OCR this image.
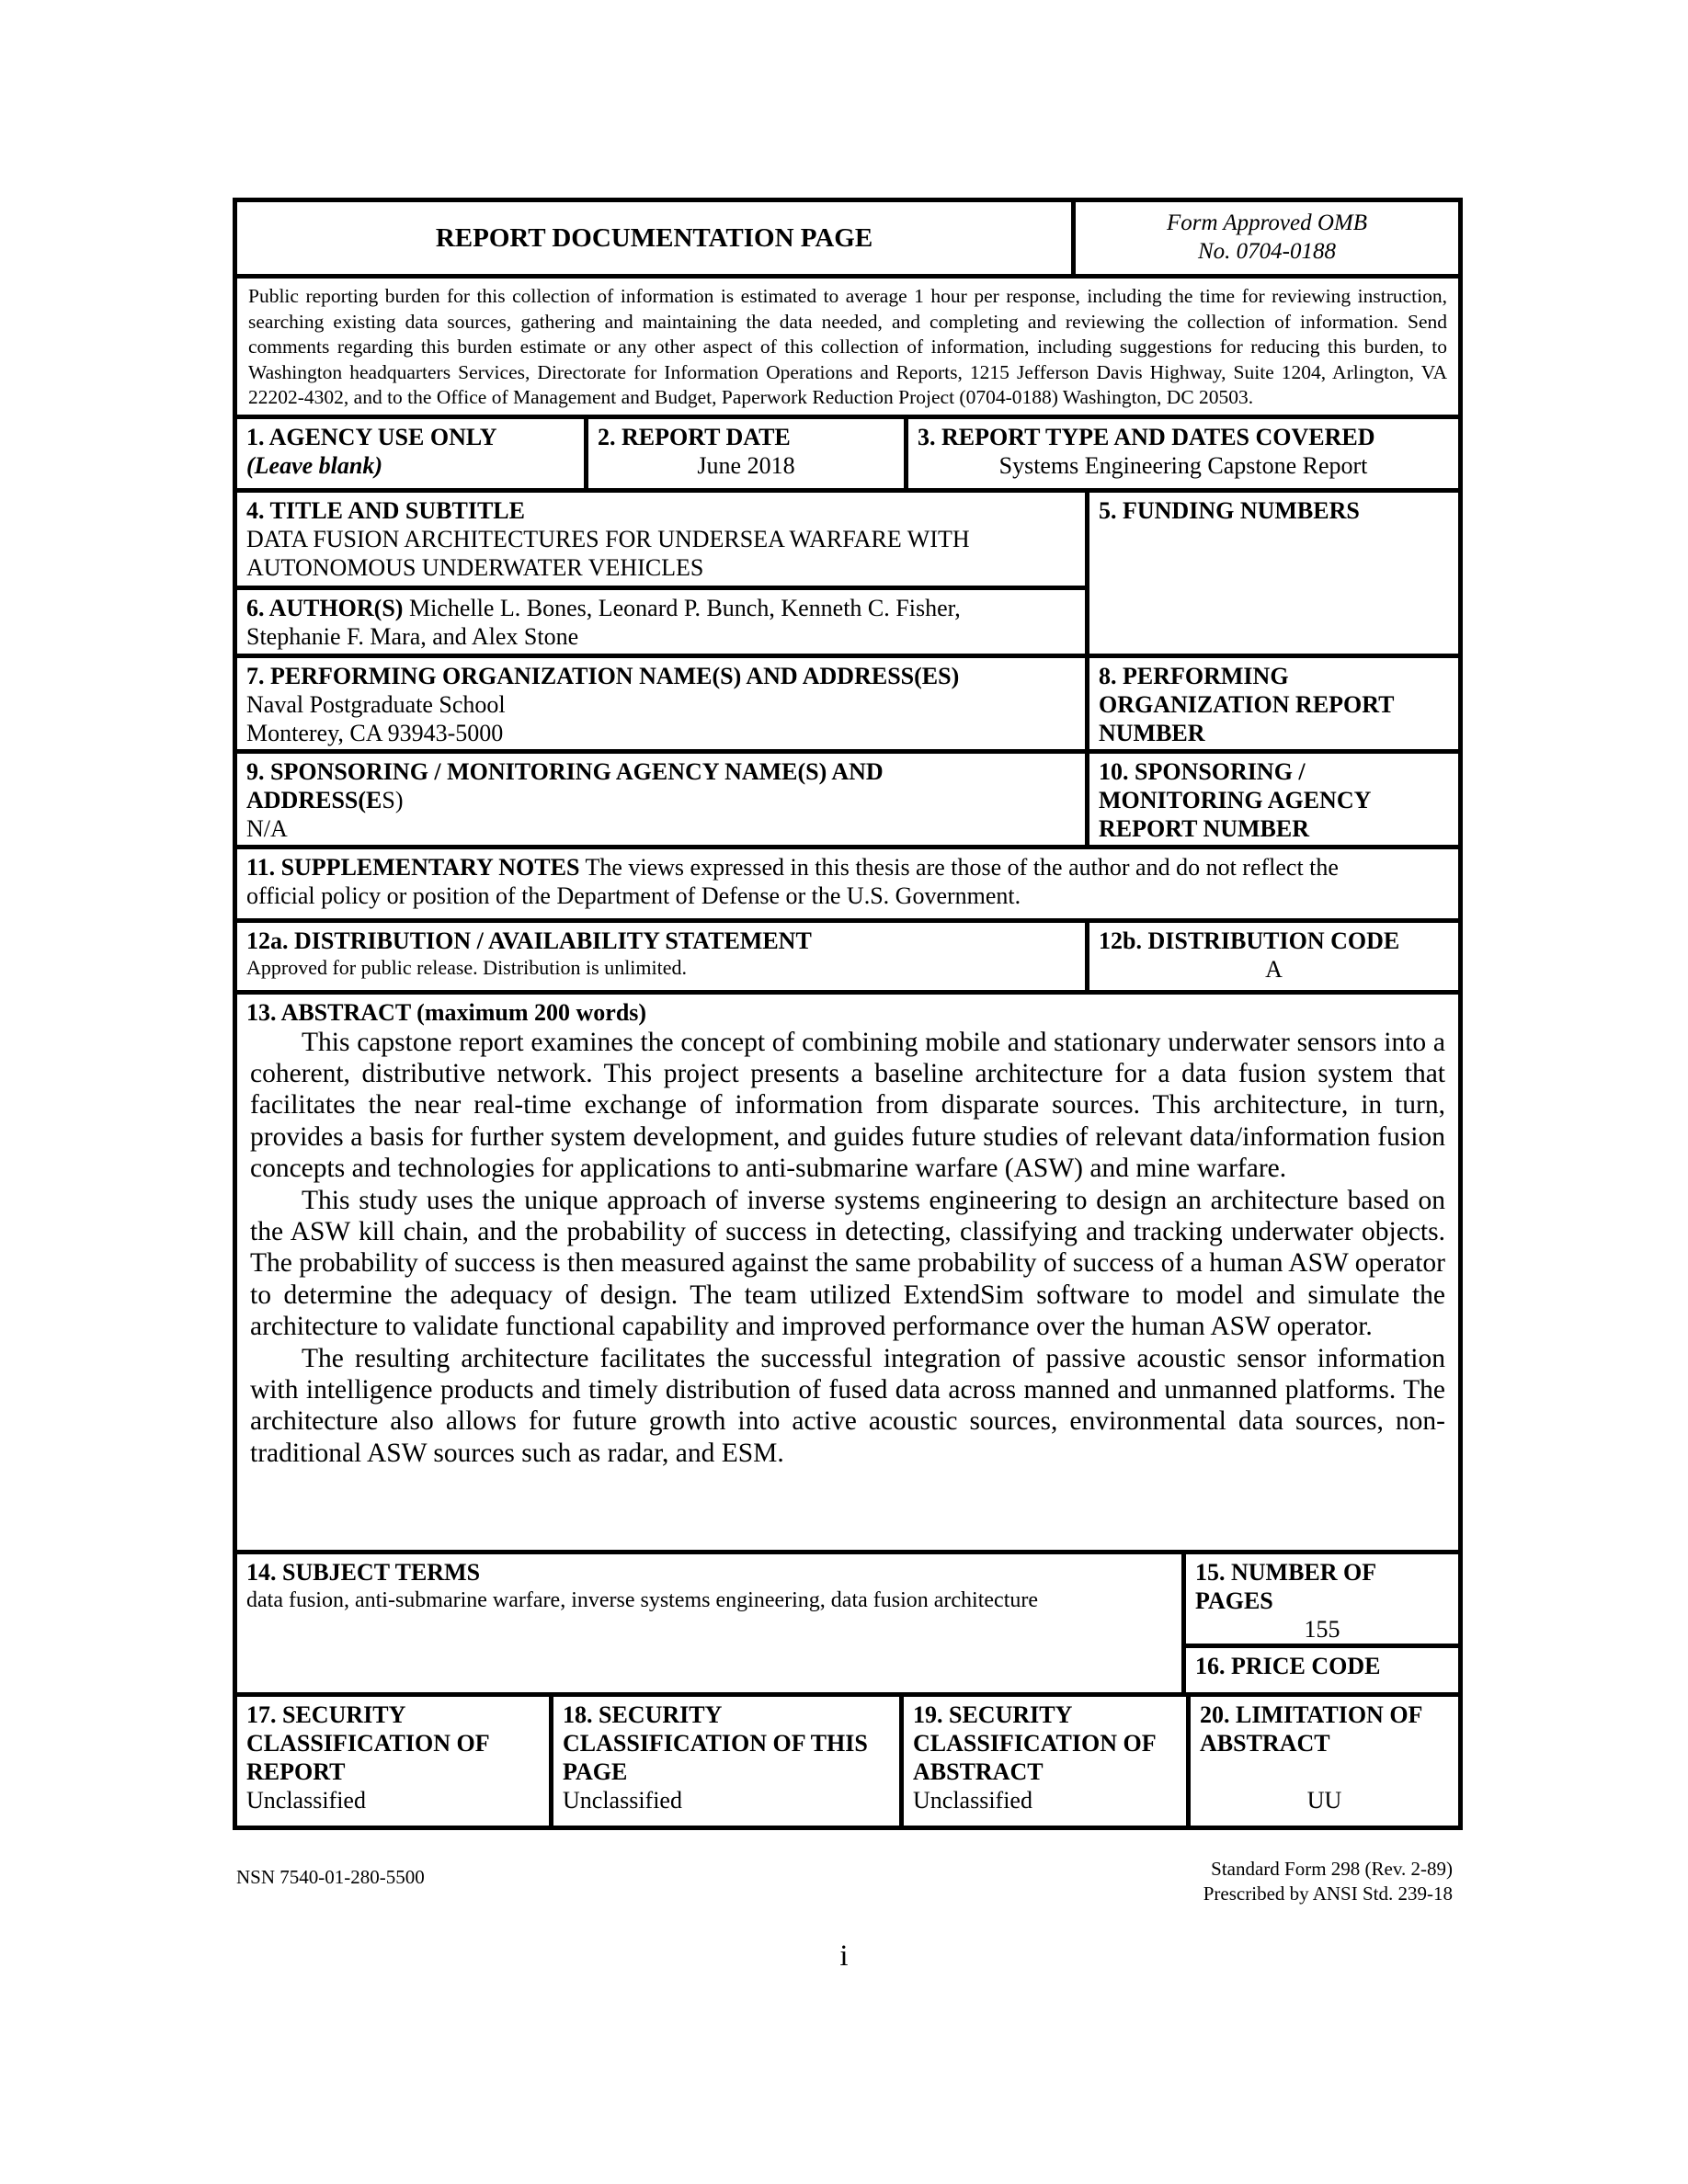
REPORT DOCUMENTATION PAGE	Form Approved OMB
No. 0704-0188
Public reporting burden for this collection of information is estimated to average 1 hour per response, including the time for reviewing instruction, searching existing data sources, gathering and maintaining the data needed, and completing and reviewing the collection of information. Send comments regarding this burden estimate or any other aspect of this collection of information, including suggestions for reducing this burden, to Washington headquarters Services, Directorate for Information Operations and Reports, 1215 Jefferson Davis Highway, Suite 1204, Arlington, VA 22202-4302, and to the Office of Management and Budget, Paperwork Reduction Project (0704-0188) Washington, DC 20503.
1. AGENCY USE ONLY
(Leave blank)
2. REPORT DATE
June 2018
3. REPORT TYPE AND DATES COVERED
Systems Engineering Capstone Report
4. TITLE AND SUBTITLE
DATA FUSION ARCHITECTURES FOR UNDERSEA WARFARE WITH
AUTONOMOUS UNDERWATER VEHICLES
6. AUTHOR(S) Michelle L. Bones, Leonard P. Bunch, Kenneth C. Fisher,
Stephanie F. Mara, and Alex Stone
5. FUNDING NUMBERS
7. PERFORMING ORGANIZATION NAME(S) AND ADDRESS(ES)
Naval Postgraduate School
Monterey, CA 93943-5000
8. PERFORMING
ORGANIZATION REPORT
NUMBER
9. SPONSORING / MONITORING AGENCY NAME(S) AND
ADDRESS(ES)
N/A
10. SPONSORING /
MONITORING AGENCY
REPORT NUMBER
11. SUPPLEMENTARY NOTES The views expressed in this thesis are those of the author and do not reflect the
official policy or position of the Department of Defense or the U.S. Government.
12a. DISTRIBUTION / AVAILABILITY STATEMENT
Approved for public release. Distribution is unlimited.
12b. DISTRIBUTION CODE
A
13. ABSTRACT (maximum 200 words)

This capstone report examines the concept of combining mobile and stationary underwater sensors into a coherent, distributive network. This project presents a baseline architecture for a data fusion system that facilitates the near real-time exchange of information from disparate sources. This architecture, in turn, provides a basis for further system development, and guides future studies of relevant data/information fusion concepts and technologies for applications to anti-submarine warfare (ASW) and mine warfare.

This study uses the unique approach of inverse systems engineering to design an architecture based on the ASW kill chain, and the probability of success in detecting, classifying and tracking underwater objects. The probability of success is then measured against the same probability of success of a human ASW operator to determine the adequacy of design. The team utilized ExtendSim software to model and simulate the architecture to validate functional capability and improved performance over the human ASW operator.

The resulting architecture facilitates the successful integration of passive acoustic sensor information with intelligence products and timely distribution of fused data across manned and unmanned platforms. The architecture also allows for future growth into active acoustic sources, environmental data sources, non-traditional ASW sources such as radar, and ESM.

14. SUBJECT TERMS
data fusion, anti-submarine warfare, inverse systems engineering, data fusion architecture
15. NUMBER OF
PAGES
155
16. PRICE CODE
17. SECURITY
CLASSIFICATION OF
REPORT
Unclassified
18. SECURITY
CLASSIFICATION OF THIS
PAGE
Unclassified
19. SECURITY
CLASSIFICATION OF
ABSTRACT
Unclassified
20. LIMITATION OF
ABSTRACT
UU
NSN 7540-01-280-5500	Standard Form 298 (Rev. 2-89)
Prescribed by ANSI Std. 239-18
i
